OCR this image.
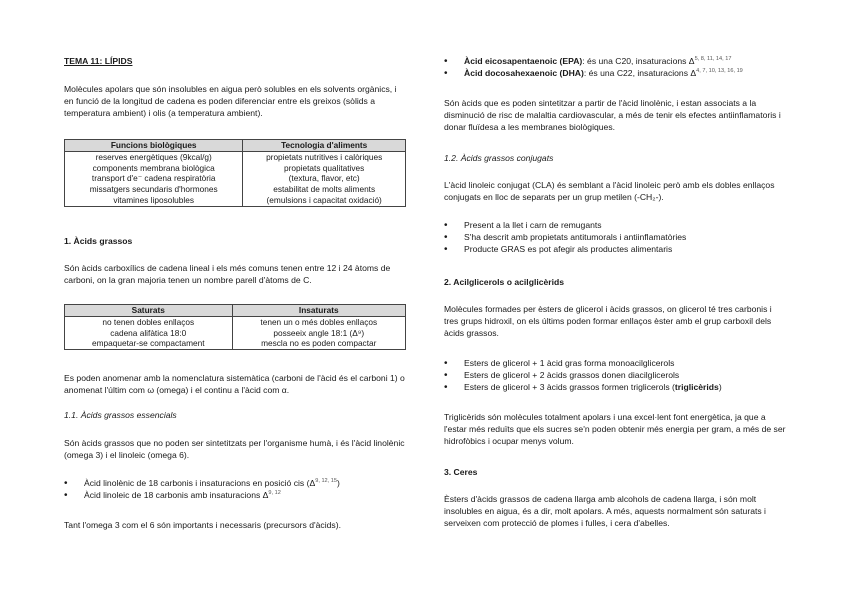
TEMA 11: LÍPIDS

Molècules apolars que són insolubles en aigua però solubles en els solvents orgànics, i en funció de la longitud de cadena es poden diferenciar entre els greixos (sòlids a temperatura ambient) i olis (a temperatura ambient).

Funcions biològiques	Tecnologia d'aliments
reserves energètiques (9kcal/g)	propietats nutritives i calòriques
components membrana biològica	propietats qualitatives
transport d'e⁻ cadena respiratòria	(textura, flavor, etc)
missatgers secundaris d'hormones	estabilitat de molts aliments
vitamines liposolubles	(emulsions i capacitat oxidació)

1. Àcids grassos

Són àcids carboxílics de cadena lineal i els més comuns tenen entre 12 i 24 àtoms de carboni, on la gran majoria tenen un nombre parell d'àtoms de C.

Saturats	Insaturats
no tenen dobles enllaços	tenen un o més dobles enllaços
cadena alifàtica 18:0	posseeix angle 18:1 (Δ⁹)
empaquetar-se compactament	mescla no es poden compactar

Es poden anomenar amb la nomenclatura sistemàtica (carboni de l'àcid és el carboni 1) o anomenat l'últim com ω (omega) i el continu a l'àcid com α.

1.1. Àcids grassos essencials

Són àcids grassos que no poden ser sintetitzats per l'organisme humà, i és l'àcid linolènic (omega 3) i el linoleic (omega 6).

• Àcid linolènic de 18 carbonis i insaturacions en posició cis $(\Delta^{9, 12, 15})$
• Àcid linoleic de 18 carbonis amb insaturacions Δ$^{9, 12}$

Tant l'omega 3 com el 6 són importants i necessaris (precursors d'àcids).

• Àcid eicosapentaenoic (EPA): és una C20, insaturacions Δ$^{5, 8, 11, 14, 17}$
• Àcid docosahexaenoic (DHA): és una C22, insaturacions Δ$^{4, 7, 10, 13, 16, 19}$

Són àcids que es poden sintetitzar a partir de l'àcid linolènic, i estan associats a la disminució de risc de malaltia cardiovascular, a més de tenir els efectes antiinflamatoris i donar fluïdesa a les membranes biològiques.

1.2. Àcids grassos conjugats

L'àcid linoleic conjugat (CLA) és semblant a l'àcid linoleic però amb els dobles enllaços conjugats en lloc de separats per un grup metilen (-CH₂-).

• Present a la llet i carn de remugants
• S'ha descrit amb propietats antitumorals i antiinflamatòries
• Producte GRAS es pot afegir als productes alimentaris

2. Acilglicerols o acilglicèrids

Molècules formades per èsters de glicerol i àcids grassos, on glicerol té tres carbonis i tres grups hidroxil, on els últims poden formar enllaços èster amb el grup carboxil dels àcids grassos.

• Esters de glicerol + 1 àcid gras forma monoacilglicerols
• Esters de glicerol + 2 àcids grassos donen diacilglicerols
• Esters de glicerol + 3 àcids grassos formen triglicerols (triglicèrids)

Triglicèrids són molècules totalment apolars i una excel·lent font energètica, ja que a l'estar més reduïts que els sucres se'n poden obtenir més energia per gram, a més de ser hidrofòbics i ocupar menys volum.

3. Ceres

Èsters d'àcids grassos de cadena llarga amb alcohols de cadena llarga, i són molt insolubles en aigua, és a dir, molt apolars. A més, aquests normalment són saturats i serveixen com protecció de plomes i fulles, i cera d'abelles.
